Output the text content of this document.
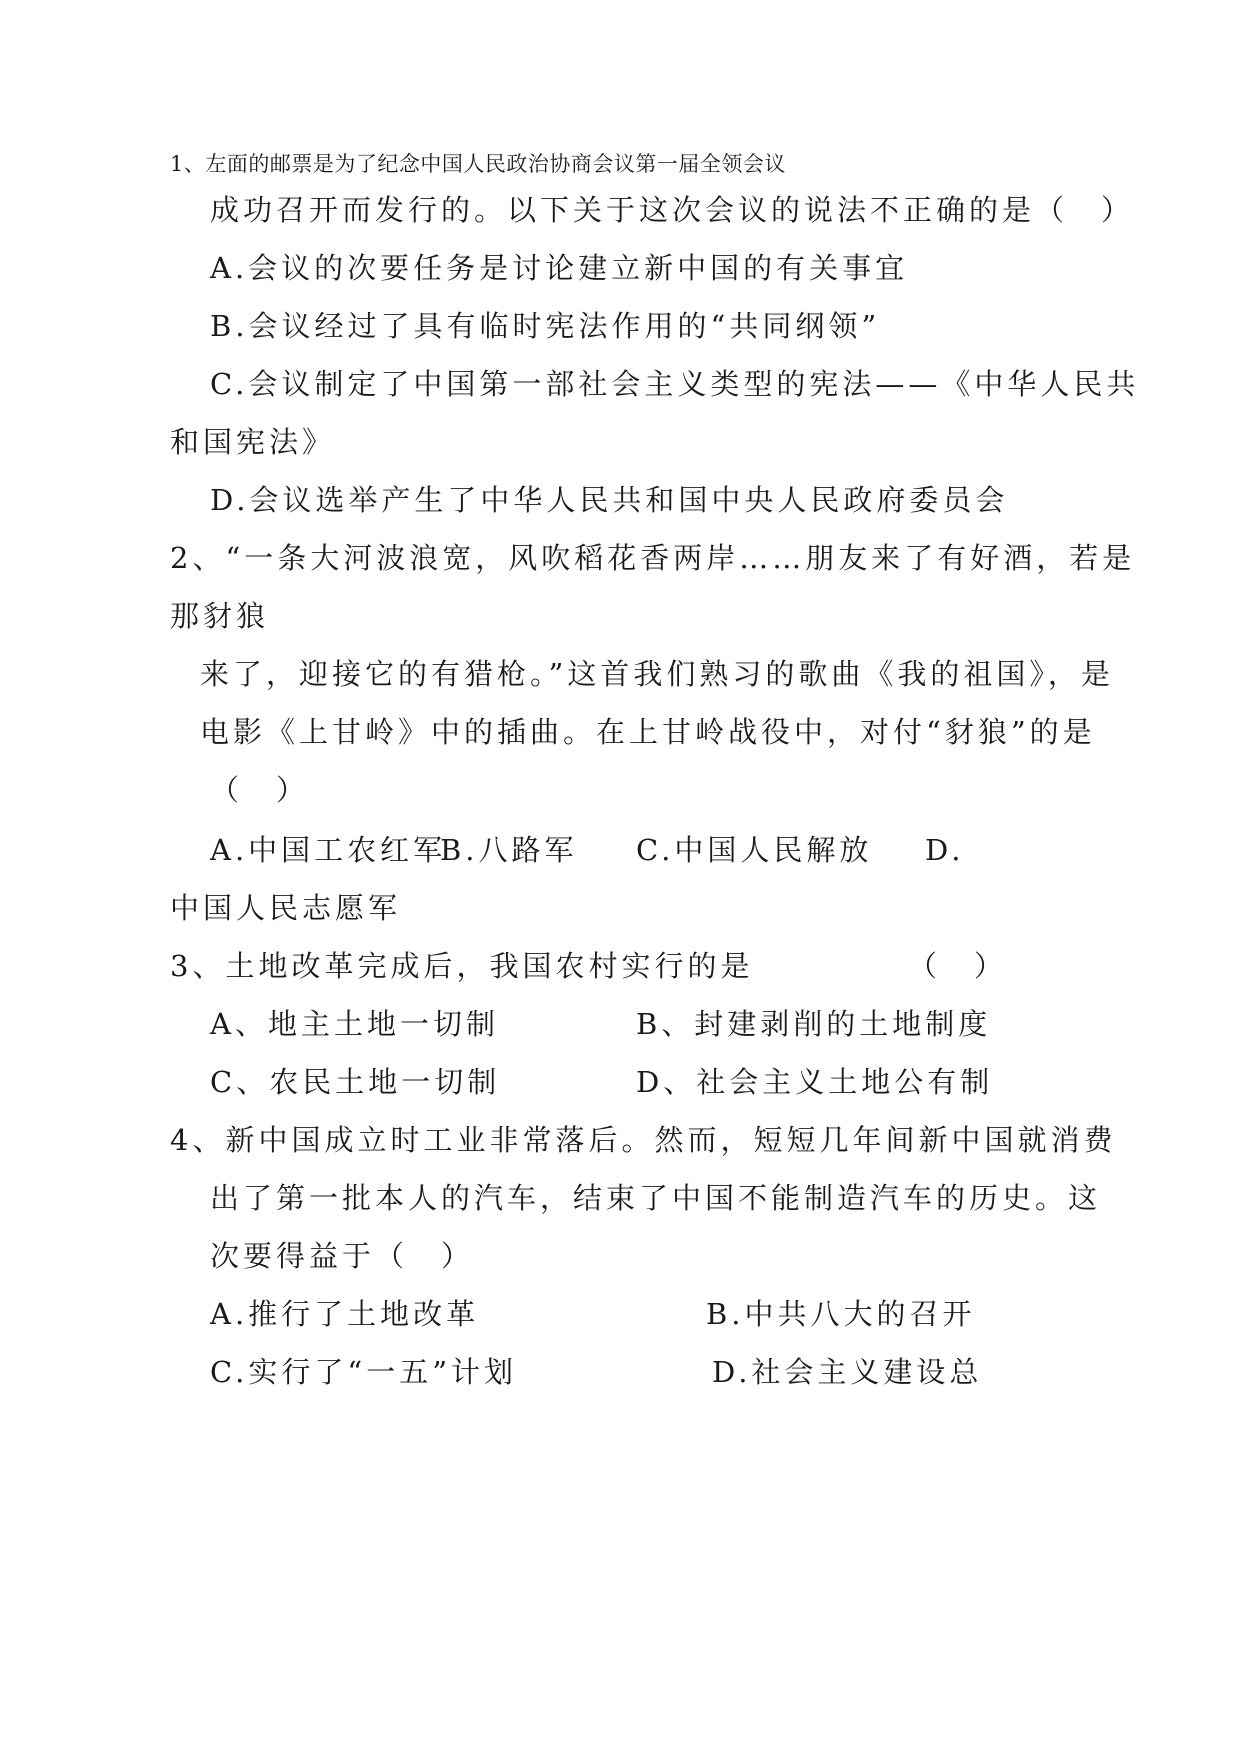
1、左面的邮票是为了纪念中国人民政治协商会议第一届全领会议
成功召开而发行的。以下关于这次会议的说法不正确的是（　）
A.会议的次要任务是讨论建立新中国的有关事宜
B.会议经过了具有临时宪法作用的“共同纲领”
C.会议制定了中国第一部社会主义类型的宪法——《中华人民共
和国宪法》
D.会议选举产生了中华人民共和国中央人民政府委员会
2、“一条大河波浪宽，风吹稻花香两岸……朋友来了有好酒，若是
那豺狼
来了，迎接它的有猎枪。”这首我们熟习的歌曲《我的祖国》，是
电影《上甘岭》中的插曲。在上甘岭战役中，对付“豺狼”的是
（　）
A.中国工农红军
B.八路军 C.中国人民解放 D.
中国人民志愿军
3、土地改革完成后，我国农村实行的是	（　）
A、地主土地一切制	B、封建剥削的土地制度
C、农民土地一切制	D、社会主义土地公有制
4、新中国成立时工业非常落后。然而，短短几年间新中国就消费
出了第一批本人的汽车，结束了中国不能制造汽车的历史。这
次要得益于（　）
A.推行了土地改革	B.中共八大的召开
C.实行了“一五”计划	D.社会主义建设总
